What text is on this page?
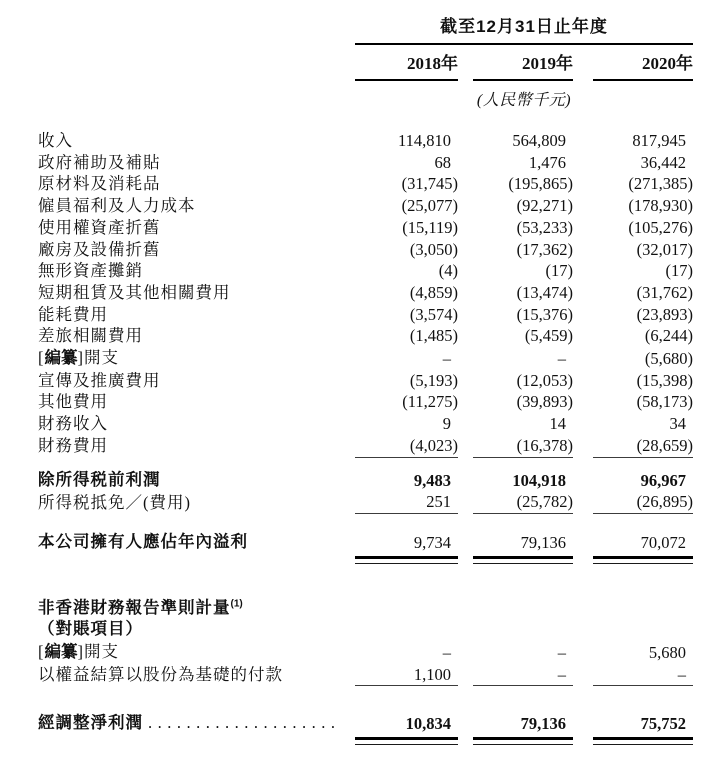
	截至12月31日止年度				
	2018年		2019年		2020年
	(人民幣千元)				

收入	114,810		564,809		817,945
政府補助及補貼	68		1,476		36,442
原材料及消耗品	(31,745)		(195,865)		(271,385)
僱員福利及人力成本	(25,077)		(92,271)		(178,930)
使用權資產折舊	(15,119)		(53,233)		(105,276)
廠房及設備折舊	(3,050)		(17,362)		(32,017)
無形資產攤銷	(4)		(17)		(17)
短期租賃及其他相關費用	(4,859)		(13,474)		(31,762)
能耗費用	(3,574)		(15,376)		(23,893)
差旅相關費用	(1,485)		(5,459)		(6,244)
[編纂]開支	–		–		(5,680)
宣傳及推廣費用	(5,193)		(12,053)		(15,398)
其他費用	(11,275)		(39,893)		(58,173)
財務收入	9		14		34
財務費用	(4,023)		(16,378)		(28,659)

除所得税前利潤	9,483		104,918		96,967
所得税抵免／(費用)	251		(25,782)		(26,895)

本公司擁有人應佔年內溢利	9,734		79,136		70,072

非香港財務報告準則計量$^{(1)}$
（對賬項目）					
[編纂]開支	–		–		5,680
以權益結算以股份為基礎的付款	1,100		–		–

經調整淨利潤 ....................	10,834		79,136		75,752
